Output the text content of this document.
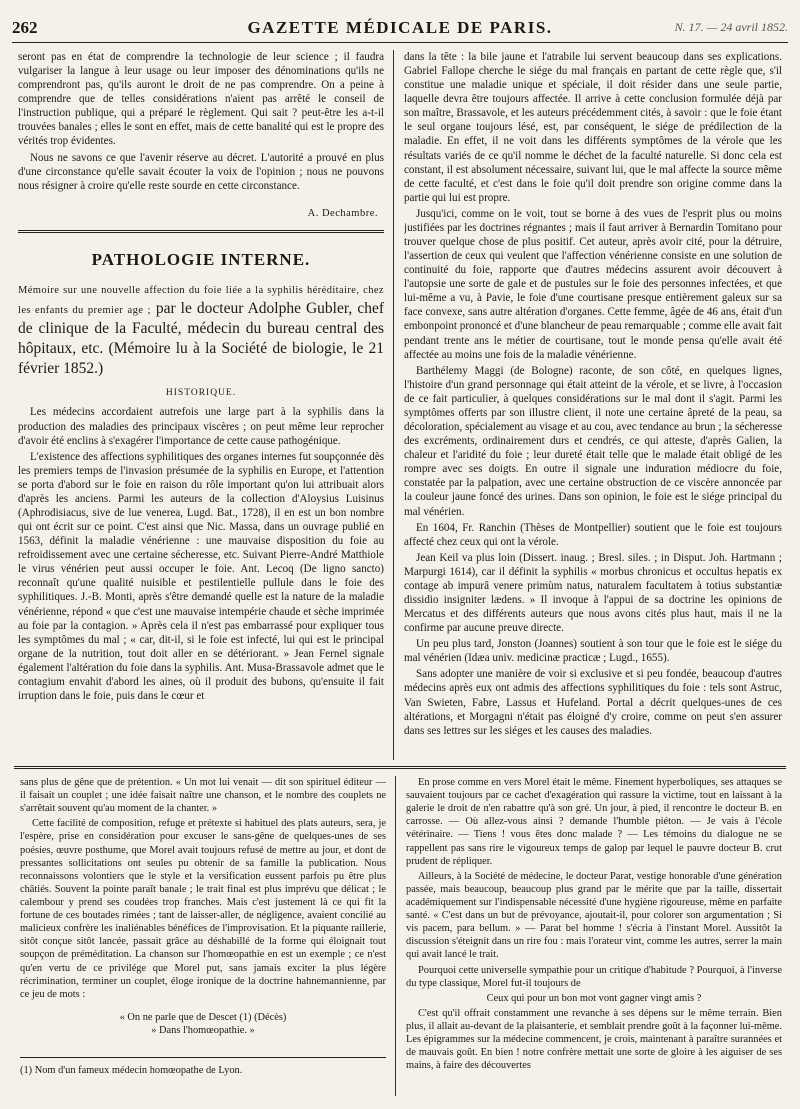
262	GAZETTE MÉDICALE DE PARIS.	N. 17. — 24 avril 1852.

seront pas en état de comprendre la technologie de leur science ; il faudra vulgariser la langue à leur usage ou leur imposer des dénominations qu'ils ne comprendront pas, qu'ils auront le droit de ne pas comprendre. On a peine à comprendre que de telles considérations n'aient pas arrêté le conseil de l'instruction publique, qui a préparé le règlement. Qui sait ? peut-être les a-t-il trouvées banales ; elles le sont en effet, mais de cette banalité qui est le propre des vérités trop évidentes.

Nous ne savons ce que l'avenir réserve au décret. L'autorité a prouvé en plus d'une circonstance qu'elle savait écouter la voix de l'opinion ; nous ne pouvons nous résigner à croire qu'elle reste sourde en cette circonstance.

A. Dechambre.
PATHOLOGIE INTERNE.
Mémoire sur une nouvelle affection du foie liée a la syphilis héréditaire, chez les enfants du premier age ; par le docteur Adolphe Gubler, chef de clinique de la Faculté, médecin du bureau central des hôpitaux, etc. (Mémoire lu à la Société de biologie, le 21 février 1852.)
HISTORIQUE.

Les médecins accordaient autrefois une large part à la syphilis dans la production des maladies des principaux viscères ; on peut même leur reprocher d'avoir été enclins à s'exagérer l'importance de cette cause pathogénique.

L'existence des affections syphilitiques des organes internes fut soupçonnée dès les premiers temps de l'invasion présumée de la syphilis en Europe, et l'attention se porta d'abord sur le foie en raison du rôle important qu'on lui attribuait alors d'après les anciens. Parmi les auteurs de la collection d'Aloysius Luisinus (Aphrodisiacus, sive de lue venerea, Lugd. Bat., 1728), il en est un bon nombre qui ont écrit sur ce point. C'est ainsi que Nic. Massa, dans un ouvrage publié en 1563, définit la maladie vénérienne : une mauvaise disposition du foie au refroidissement avec une certaine sécheresse, etc. Suivant Pierre-André Matthiole le virus vénérien peut aussi occuper le foie. Ant. Lecoq (De ligno sancto) reconnaît qu'une qualité nuisible et pestilentielle pullule dans le foie des syphilitiques. J.-B. Monti, après s'être demandé quelle est la nature de la maladie vénérienne, répond « que c'est une mauvaise intempérie chaude et sèche imprimée au foie par la contagion. » Après cela il n'est pas embarrassé pour expliquer tous les symptômes du mal ; « car, dit-il, si le foie est infecté, lui qui est le principal organe de la nutrition, tout doit aller en se détériorant. » Jean Fernel signale également l'altération du foie dans la syphilis. Ant. Musa-Brassavole admet que le contagium envahit d'abord les aines, où il produit des bubons, qu'ensuite il fait irruption dans le foie, puis dans le cœur et

dans la tête : la bile jaune et l'atrabile lui servent beaucoup dans ses explications. Gabriel Fallope cherche le siége du mal français en partant de cette règle que, s'il constitue une maladie unique et spéciale, il doit résider dans une seule partie, laquelle devra être toujours affectée. Il arrive à cette conclusion formulée déjà par son maître, Brassavole, et les auteurs précédemment cités, à savoir : que le foie étant le seul organe toujours lésé, est, par conséquent, le siége de prédilection de la maladie. En effet, il ne voit dans les différents symptômes de la vérole que les résultats variés de ce qu'il nomme le déchet de la faculté naturelle. Si donc cela est constant, il est absolument nécessaire, suivant lui, que le mal affecte la source même de cette faculté, et c'est dans le foie qu'il doit prendre son origine comme dans la partie qui lui est propre.

Jusqu'ici, comme on le voit, tout se borne à des vues de l'esprit plus ou moins justifiées par les doctrines régnantes ; mais il faut arriver à Bernardin Tomitano pour trouver quelque chose de plus positif. Cet auteur, après avoir cité, pour la détruire, l'assertion de ceux qui veulent que l'affection vénérienne consiste en une solution de continuité du foie, rapporte que d'autres médecins assurent avoir découvert à l'autopsie une sorte de gale et de pustules sur le foie des personnes infectées, et que lui-même a vu, à Pavie, le foie d'une courtisane presque entièrement galeux sur sa face convexe, sans autre altération d'organes. Cette femme, âgée de 46 ans, était d'un embonpoint prononcé et d'une blancheur de peau remarquable ; comme elle avait fait pendant trente ans le métier de courtisane, tout le monde pensa qu'elle avait été affectée au moins une fois de la maladie vénérienne.

Barthélemy Maggi (de Bologne) raconte, de son côté, en quelques lignes, l'histoire d'un grand personnage qui était atteint de la vérole, et se livre, à l'occasion de ce fait particulier, à quelques considérations sur le mal dont il s'agit. Parmi les symptômes offerts par son illustre client, il note une certaine âpreté de la peau, sa décoloration, spécialement au visage et au cou, avec tendance au brun ; la sécheresse des excréments, ordinairement durs et cendrés, ce qui atteste, d'après Galien, la chaleur et l'aridité du foie ; leur dureté était telle que le malade était obligé de les rompre avec ses doigts. En outre il signale une induration médiocre du foie, constatée par la palpation, avec une certaine obstruction de ce viscère annoncée par la couleur jaune foncé des urines. Dans son opinion, le foie est le siége principal du mal vénérien.

En 1604, Fr. Ranchin (Thèses de Montpellier) soutient que le foie est toujours affecté chez ceux qui ont la vérole.

Jean Keil va plus loin (Dissert. inaug. ; Bresl. siles. ; in Disput. Joh. Hartmann ; Marpurgi 1614), car il définit la syphilis « morbus chronicus et occultus hepatis ex contage ab impurâ venere primùm natus, naturalem facultatem à totius substantiæ dissidio insigniter lædens. » Il invoque à l'appui de sa doctrine les opinions de Mercatus et des différents auteurs que nous avons cités plus haut, mais il ne la confirme par aucune preuve directe.

Un peu plus tard, Jonston (Joannes) soutient à son tour que le foie est le siége du mal vénérien (Idæa univ. medicinæ practicæ ; Lugd., 1655).

Sans adopter une manière de voir si exclusive et si peu fondée, beaucoup d'autres médecins après eux ont admis des affections syphilitiques du foie : tels sont Astruc, Van Swieten, Fabre, Lassus et Hufeland. Portal a décrit quelques-unes de ces altérations, et Morgagni n'était pas éloigné d'y croire, comme on peut s'en assurer dans ses lettres sur les siéges et les causes des maladies.

sans plus de gêne que de prétention. « Un mot lui venait — dit son spirituel éditeur — il faisait un couplet ; une idée faisait naître une chanson, et le nombre des couplets ne s'arrêtait souvent qu'au moment de la chanter. »

Cette facilité de composition, refuge et prétexte si habituel des plats auteurs, sera, je l'espère, prise en considération pour excuser le sans-gêne de quelques-unes de ses poésies, œuvre posthume, que Morel avait toujours refusé de mettre au jour, et dont de pressantes sollicitations ont seules pu obtenir de sa famille la publication. Nous reconnaissons volontiers que le style et la versification eussent parfois pu être plus châtiés. Souvent la pointe paraît banale ; le trait final est plus imprévu que délicat ; le calembour y prend ses coudées trop franches. Mais c'est justement là ce qui fit la fortune de ces boutades rimées ; tant de laisser-aller, de négligence, avaient concilié au malicieux confrère les inaliénables bénéfices de l'improvisation. Et la piquante raillerie, sitôt conçue sitôt lancée, passait grâce au déshabillé de la forme qui éloignait tout soupçon de préméditation. La chanson sur l'homœopathie en est un exemple ; ce n'est qu'en vertu de ce privilége que Morel put, sans jamais exciter la plus légère récrimination, terminer un couplet, éloge ironique de la doctrine hahnemannienne, par ce jeu de mots :

« On ne parle que de Descet (1) (Décès)
» Dans l'homœopathie. »

(1) Nom d'un fameux médecin homœopathe de Lyon.

En prose comme en vers Morel était le même. Finement hyperboliques, ses attaques se sauvaient toujours par ce cachet d'exagération qui rassure la victime, tout en laissant à la galerie le droit de n'en rabattre qu'à son gré. Un jour, à pied, il rencontre le docteur B. en carrosse. — Où allez-vous ainsi ? demande l'humble piéton. — Je vais à l'école vétérinaire. — Tiens ! vous êtes donc malade ? — Les témoins du dialogue ne se rappellent pas sans rire le vigoureux temps de galop par lequel le pauvre docteur B. crut prudent de répliquer.

Ailleurs, à la Société de médecine, le docteur Parat, vestige honorable d'une génération passée, mais beaucoup, beaucoup plus grand par le mérite que par la taille, dissertait académiquement sur l'indispensable nécessité d'une hygiène rigoureuse, même en parfaite santé. « C'est dans un but de prévoyance, ajoutait-il, pour colorer son argumentation ; Si vis pacem, para bellum. » — Parat bel homme ! s'écria à l'instant Morel. Aussitôt la discussion s'éteignit dans un rire fou : mais l'orateur vint, comme les autres, serrer la main qui avait lancé le trait.

Pourquoi cette universelle sympathie pour un critique d'habitude ? Pourquoi, à l'inverse du type classique, Morel fut-il toujours de

Ceux qui pour un bon mot vont gagner vingt amis ?

C'est qu'il offrait constamment une revanche à ses dépens sur le même terrain. Bien plus, il allait au-devant de la plaisanterie, et semblait prendre goût à la façonner lui-même. Les épigrammes sur la médecine commencent, je crois, maintenant à paraître surannées et de mauvais goût. En bien ! notre confrère mettait une sorte de gloire à les aiguiser de ses mains, à faire des découvertes
